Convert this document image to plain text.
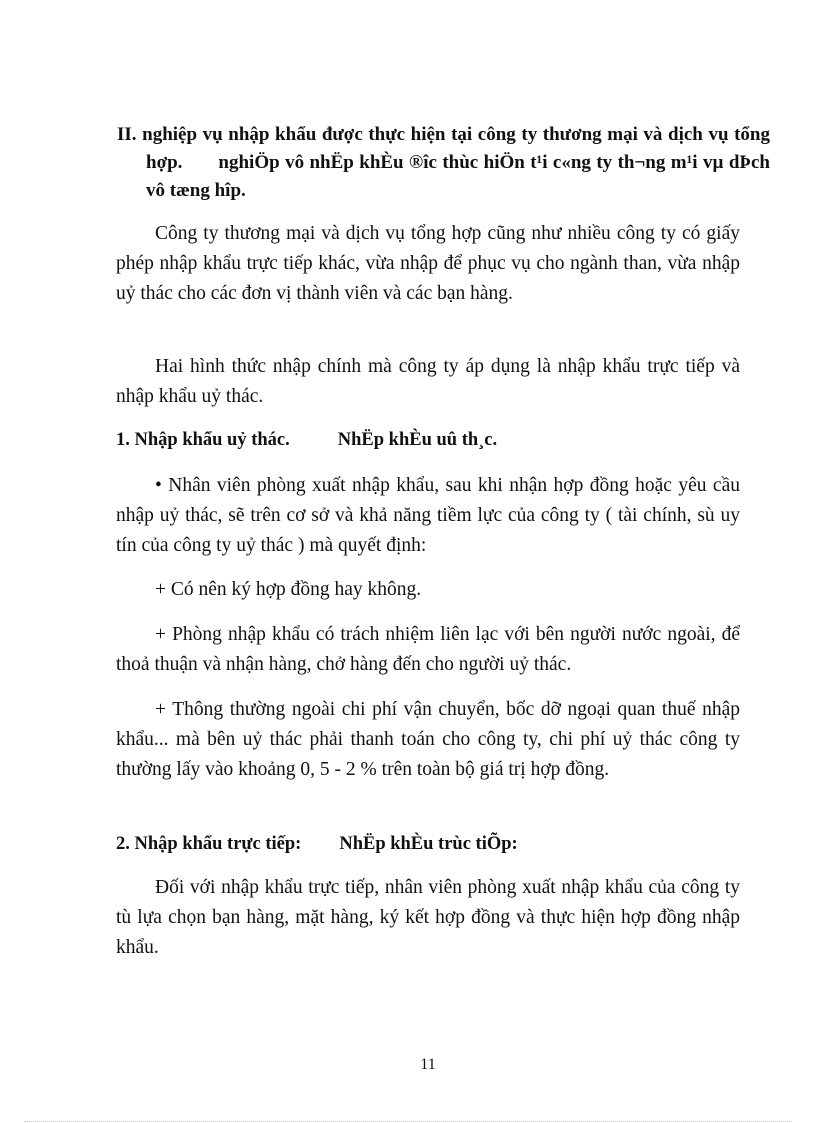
II. nghiệp vụ nhập khẩu được thực hiện tại công ty thương mại và dịch vụ tổng hợp. nghiÖp vô nhËp khÈu ®îc thùc hiÖn t¹i c«ng ty th¬ng m¹i vµ dÞch vô tæng hîp.

Công ty thương mại và dịch vụ tổng hợp cũng như nhiều công ty có giấy phép nhập khẩu trực tiếp khác, vừa nhập để phục vụ cho ngành than, vừa nhập uỷ thác cho các đơn vị thành viên và các bạn hàng.

Hai hình thức nhập chính mà công ty áp dụng là nhập khẩu trực tiếp và nhập khẩu uỷ thác.

1. Nhập khẩu uỷ thác.	NhËp khÈu uû th¸c.

• Nhân viên phòng xuất nhập khẩu, sau khi nhận hợp đồng hoặc yêu cầu nhập uỷ thác, sẽ trên cơ sở và khả năng tiềm lực của công ty ( tài chính, sù uy tín của công ty uỷ thác ) mà quyết định:

+ Có nên ký hợp đồng hay không.

+ Phòng nhập khẩu có trách nhiệm liên lạc với bên người nước ngoài, để thoả thuận và nhận hàng, chở hàng đến cho người uỷ thác.

+ Thông thường ngoài chi phí vận chuyển, bốc dỡ ngoại quan thuế nhập khẩu... mà bên uỷ thác phải thanh toán cho công ty, chi phí uỷ thác công ty thường lấy vào khoảng 0, 5 - 2 % trên toàn bộ giá trị hợp đồng.

2. Nhập khẩu trực tiếp: NhËp khÈu trùc tiÕp:

Đối với nhập khẩu trực tiếp, nhân viên phòng xuất nhập khẩu của công ty tù lựa chọn bạn hàng, mặt hàng, ký kết hợp đồng và thực hiện hợp đồng nhập khẩu.

11
